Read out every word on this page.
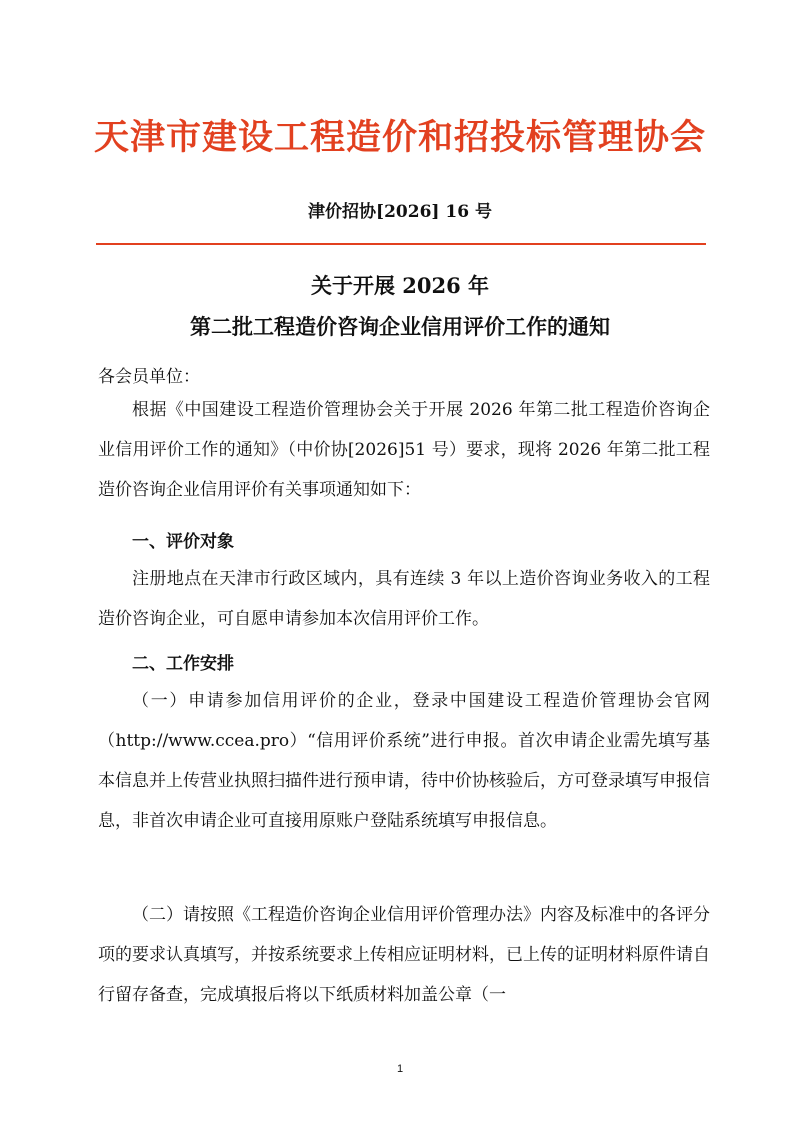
天津市建设工程造价和招投标管理协会
津价招协[2026] 16 号
关于开展 2026 年
第二批工程造价咨询企业信用评价工作的通知
各会员单位：

根据《中国建设工程造价管理协会关于开展 2026 年第二批工程造价咨询企业信用评价工作的通知》（中价协[2026]51 号）要求，现将 2026 年第二批工程造价咨询企业信用评价有关事项通知如下：

一、评价对象

注册地点在天津市行政区域内，具有连续 3 年以上造价咨询业务收入的工程造价咨询企业，可自愿申请参加本次信用评价工作。

二、工作安排

（一）申请参加信用评价的企业，登录中国建设工程造价管理协会官网（http://www.ccea.pro）“信用评价系统”进行申报。首次申请企业需先填写基本信息并上传营业执照扫描件进行预申请，待中价协核验后，方可登录填写申报信息，非首次申请企业可直接用原账户登陆系统填写申报信息。

（二）请按照《工程造价咨询企业信用评价管理办法》内容及标准中的各评分项的要求认真填写，并按系统要求上传相应证明材料，已上传的证明材料原件请自行留存备查，完成填报后将以下纸质材料加盖公章（一

1
